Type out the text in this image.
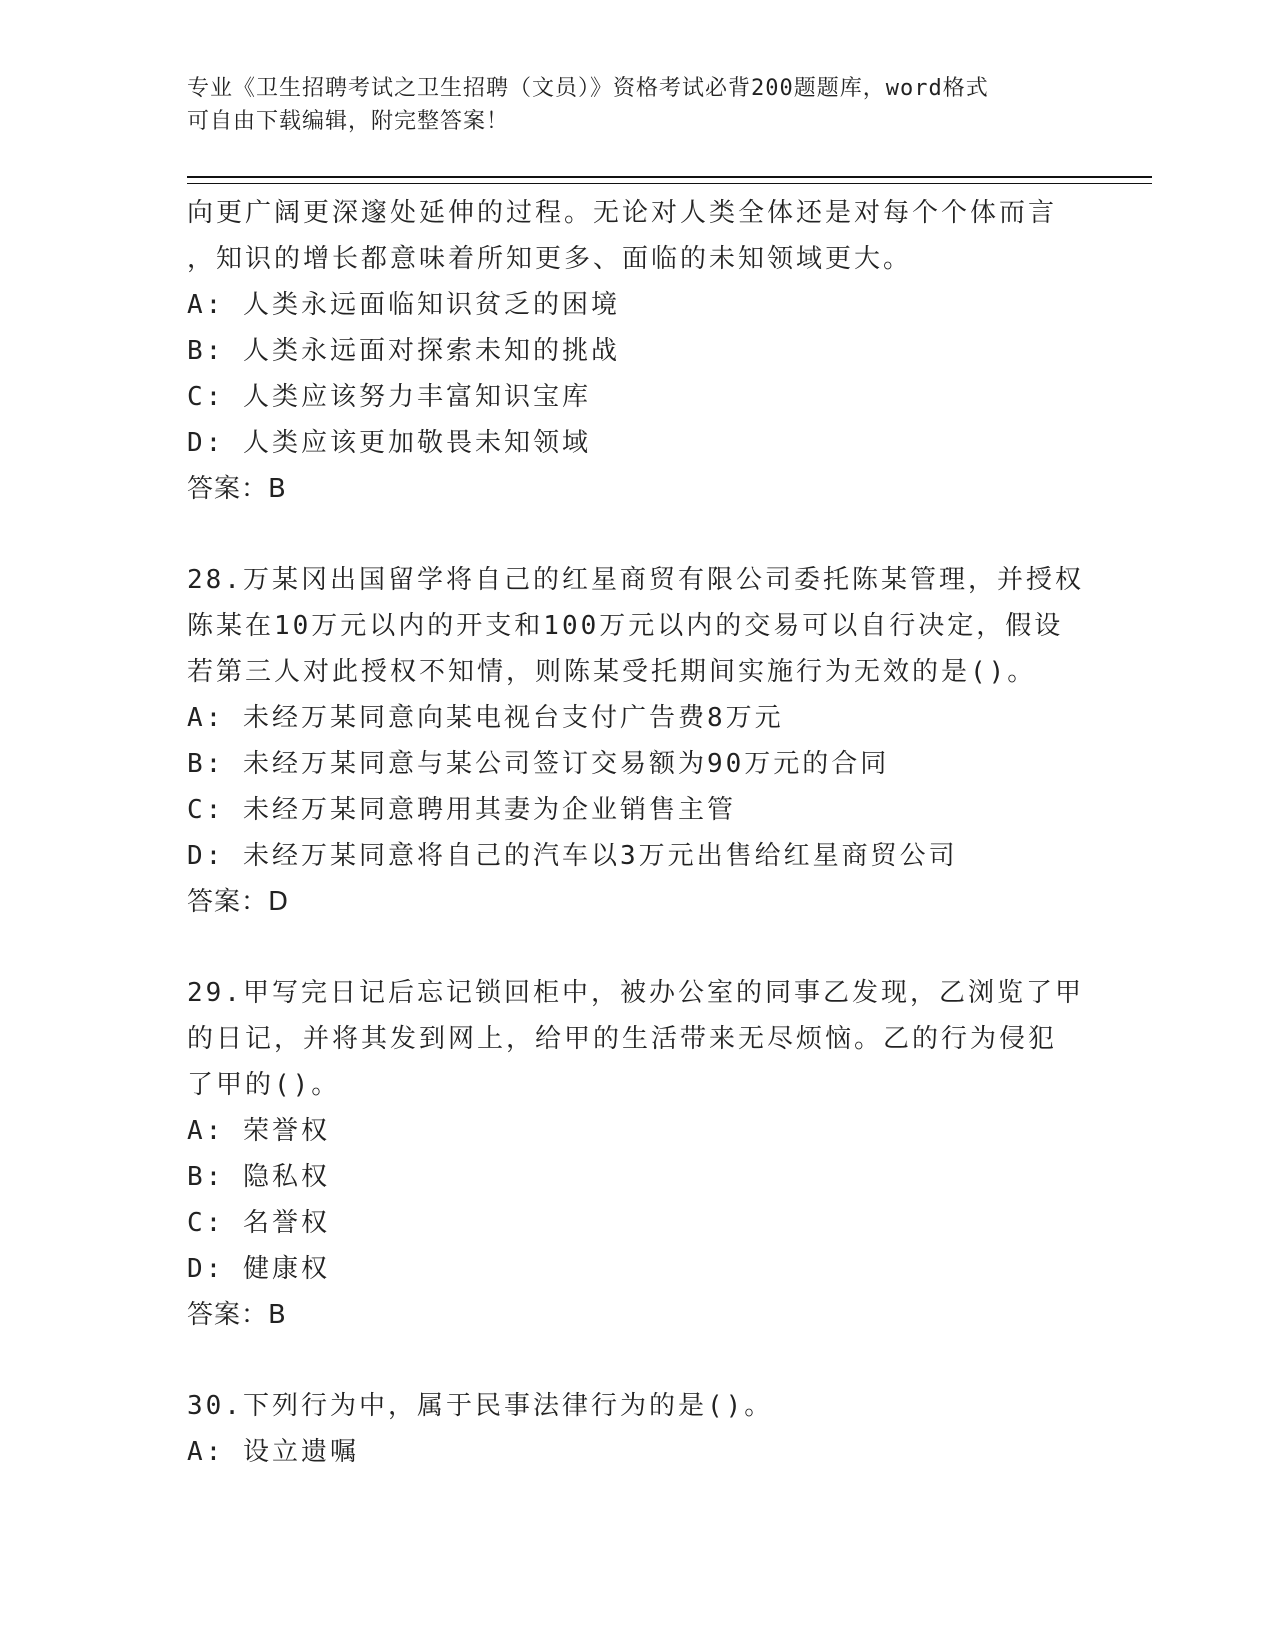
专业《卫生招聘考试之卫生招聘（文员）》资格考试必背200题题库，word格式
可自由下载编辑，附完整答案！
向更广阔更深邃处延伸的过程。无论对人类全体还是对每个个体而言
，知识的增长都意味着所知更多、面临的未知领域更大。
A: 人类永远面临知识贫乏的困境
B: 人类永远面对探索未知的挑战
C: 人类应该努力丰富知识宝库
D: 人类应该更加敬畏未知领域
答案：B
28.万某冈出国留学将自己的红星商贸有限公司委托陈某管理，并授权
陈某在10万元以内的开支和100万元以内的交易可以自行决定，假设
若第三人对此授权不知情，则陈某受托期间实施行为无效的是()。
A: 未经万某同意向某电视台支付广告费8万元
B: 未经万某同意与某公司签订交易额为90万元的合同
C: 未经万某同意聘用其妻为企业销售主管
D: 未经万某同意将自己的汽车以3万元出售给红星商贸公司
答案：D
29.甲写完日记后忘记锁回柜中，被办公室的同事乙发现，乙浏览了甲
的日记，并将其发到网上，给甲的生活带来无尽烦恼。乙的行为侵犯
了甲的()。
A: 荣誉权
B: 隐私权
C: 名誉权
D: 健康权
答案：B
30.下列行为中，属于民事法律行为的是()。
A: 设立遗嘱
